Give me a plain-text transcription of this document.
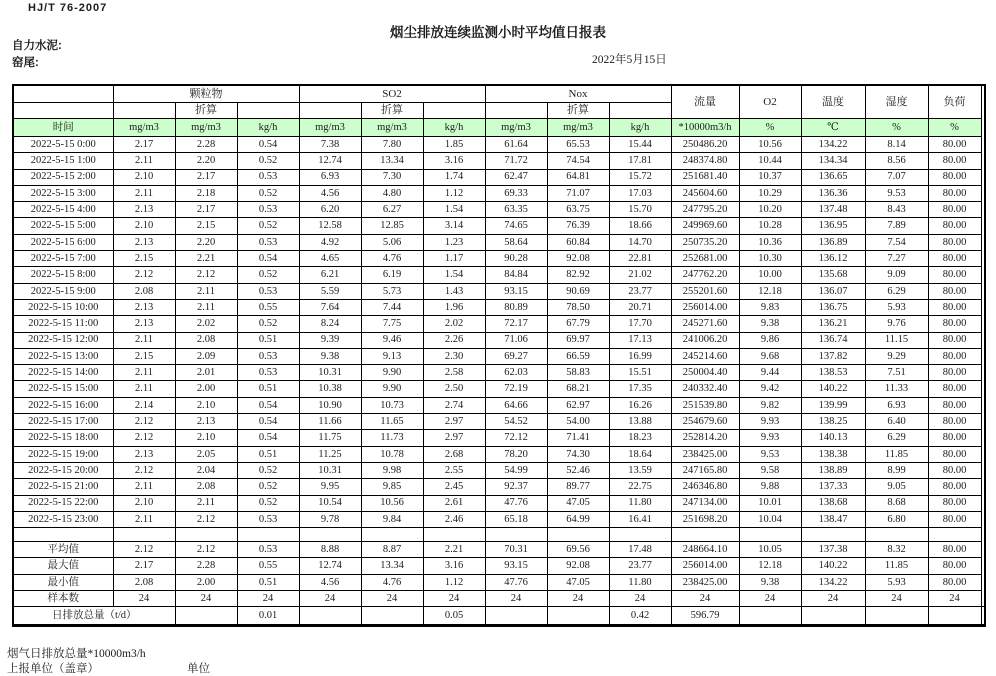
HJ/T 76-2007
烟尘排放连续监测小时平均值日报表
自力水泥:
窑尾:	2022年5月15日
	颗粒物			SO2			Nox			流量	O2	温度	湿度	负荷	
		折算			折算			折算							
时间	mg/m3	mg/m3	kg/h	mg/m3	mg/m3	kg/h	mg/m3	mg/m3	kg/h	*10000m3/h	%	℃	%	%	
2022-5-15 0:00	2.17	2.28	0.54	7.38	7.80	1.85	61.64	65.53	15.44	250486.20	10.56	134.22	8.14	80.00	
2022-5-15 1:00	2.11	2.20	0.52	12.74	13.34	3.16	71.72	74.54	17.81	248374.80	10.44	134.34	8.56	80.00	
2022-5-15 2:00	2.10	2.17	0.53	6.93	7.30	1.74	62.47	64.81	15.72	251681.40	10.37	136.65	7.07	80.00	
2022-5-15 3:00	2.11	2.18	0.52	4.56	4.80	1.12	69.33	71.07	17.03	245604.60	10.29	136.36	9.53	80.00	
2022-5-15 4:00	2.13	2.17	0.53	6.20	6.27	1.54	63.35	63.75	15.70	247795.20	10.20	137.48	8.43	80.00	
2022-5-15 5:00	2.10	2.15	0.52	12.58	12.85	3.14	74.65	76.39	18.66	249969.60	10.28	136.95	7.89	80.00	
2022-5-15 6:00	2.13	2.20	0.53	4.92	5.06	1.23	58.64	60.84	14.70	250735.20	10.36	136.89	7.54	80.00	
2022-5-15 7:00	2.15	2.21	0.54	4.65	4.76	1.17	90.28	92.08	22.81	252681.00	10.30	136.12	7.27	80.00	
2022-5-15 8:00	2.12	2.12	0.52	6.21	6.19	1.54	84.84	82.92	21.02	247762.20	10.00	135.68	9.09	80.00	
2022-5-15 9:00	2.08	2.11	0.53	5.59	5.73	1.43	93.15	90.69	23.77	255201.60	12.18	136.07	6.29	80.00	
2022-5-15 10:00	2.13	2.11	0.55	7.64	7.44	1.96	80.89	78.50	20.71	256014.00	9.83	136.75	5.93	80.00	
2022-5-15 11:00	2.13	2.02	0.52	8.24	7.75	2.02	72.17	67.79	17.70	245271.60	9.38	136.21	9.76	80.00	
2022-5-15 12:00	2.11	2.08	0.51	9.39	9.46	2.26	71.06	69.97	17.13	241006.20	9.86	136.74	11.15	80.00	
2022-5-15 13:00	2.15	2.09	0.53	9.38	9.13	2.30	69.27	66.59	16.99	245214.60	9.68	137.82	9.29	80.00	
2022-5-15 14:00	2.11	2.01	0.53	10.31	9.90	2.58	62.03	58.83	15.51	250004.40	9.44	138.53	7.51	80.00	
2022-5-15 15:00	2.11	2.00	0.51	10.38	9.90	2.50	72.19	68.21	17.35	240332.40	9.42	140.22	11.33	80.00	
2022-5-15 16:00	2.14	2.10	0.54	10.90	10.73	2.74	64.66	62.97	16.26	251539.80	9.82	139.99	6.93	80.00	
2022-5-15 17:00	2.12	2.13	0.54	11.66	11.65	2.97	54.52	54.00	13.88	254679.60	9.93	138.25	6.40	80.00	
2022-5-15 18:00	2.12	2.10	0.54	11.75	11.73	2.97	72.12	71.41	18.23	252814.20	9.93	140.13	6.29	80.00	
2022-5-15 19:00	2.13	2.05	0.51	11.25	10.78	2.68	78.20	74.30	18.64	238425.00	9.53	138.38	11.85	80.00	
2022-5-15 20:00	2.12	2.04	0.52	10.31	9.98	2.55	54.99	52.46	13.59	247165.80	9.58	138.89	8.99	80.00	
2022-5-15 21:00	2.11	2.08	0.52	9.95	9.85	2.45	92.37	89.77	22.75	246346.80	9.88	137.33	9.05	80.00	
2022-5-15 22:00	2.10	2.11	0.52	10.54	10.56	2.61	47.76	47.05	11.80	247134.00	10.01	138.68	8.68	80.00	
2022-5-15 23:00	2.11	2.12	0.53	9.78	9.84	2.46	65.18	64.99	16.41	251698.20	10.04	138.47	6.80	80.00	

平均值	2.12	2.12	0.53	8.88	8.87	2.21	70.31	69.56	17.48	248664.10	10.05	137.38	8.32	80.00	
最大值	2.17	2.28	0.55	12.74	13.34	3.16	93.15	92.08	23.77	256014.00	12.18	140.22	11.85	80.00	
最小值	2.08	2.00	0.51	4.56	4.76	1.12	47.76	47.05	11.80	238425.00	9.38	134.22	5.93	80.00	
样本数	24	24	24	24	24	24	24	24	24	24	24	24	24	24	
日排放总量（t/d）			0.01			0.05			0.42	596.79					
烟气日排放总量*10000m3/h
上报单位（盖章）	单位
